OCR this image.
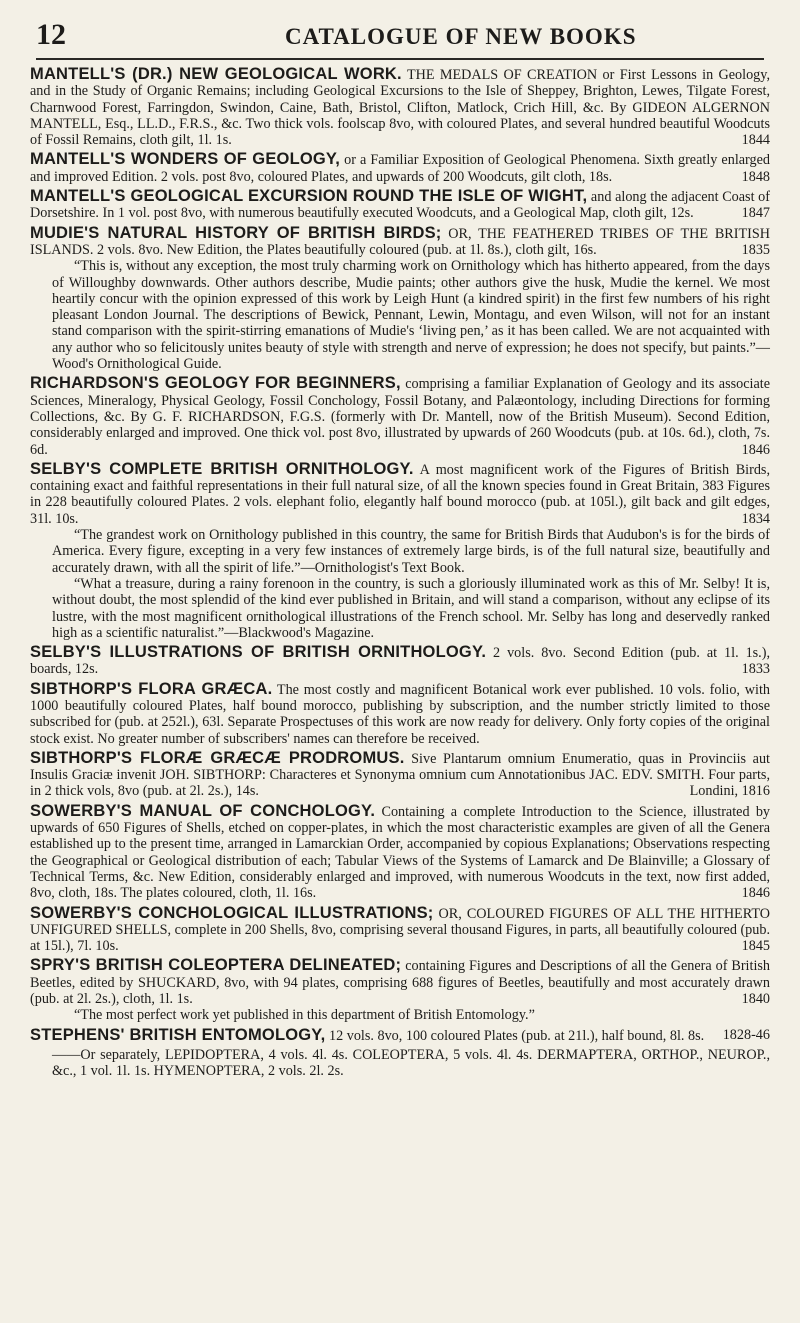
12	CATALOGUE OF NEW BOOKS

MANTELL'S (DR.) NEW GEOLOGICAL WORK. THE MEDALS OF CREATION or First Lessons in Geology, and in the Study of Organic Remains; including Geological Excursions to the Isle of Sheppey, Brighton, Lewes, Tilgate Forest, Charnwood Forest, Farringdon, Swindon, Caine, Bath, Bristol, Clifton, Matlock, Crich Hill, &c. By GIDEON ALGERNON MANTELL, Esq., LL.D., F.R.S., &c. Two thick vols. foolscap 8vo, with coloured Plates, and several hundred beautiful Woodcuts of Fossil Remains, cloth gilt, 1l. 1s.	1844

MANTELL'S WONDERS OF GEOLOGY, or a Familiar Exposition of Geological Phenomena. Sixth greatly enlarged and improved Edition. 2 vols. post 8vo, coloured Plates, and upwards of 200 Woodcuts, gilt cloth, 18s.	1848

MANTELL'S GEOLOGICAL EXCURSION ROUND THE ISLE OF WIGHT, and along the adjacent Coast of Dorsetshire. In 1 vol. post 8vo, with numerous beautifully executed Woodcuts, and a Geological Map, cloth gilt, 12s.	1847

MUDIE'S NATURAL HISTORY OF BRITISH BIRDS; OR, THE FEATHERED TRIBES OF THE BRITISH ISLANDS. 2 vols. 8vo. New Edition, the Plates beautifully coloured (pub. at 1l. 8s.), cloth gilt, 16s.	1835

“This is, without any exception, the most truly charming work on Ornithology which has hitherto appeared, from the days of Willoughby downwards. Other authors describe, Mudie paints; other authors give the husk, Mudie the kernel. We most heartily concur with the opinion expressed of this work by Leigh Hunt (a kindred spirit) in the first few numbers of his right pleasant London Journal. The descriptions of Bewick, Pennant, Lewin, Montagu, and even Wilson, will not for an instant stand comparison with the spirit-stirring emanations of Mudie's ‘living pen,’ as it has been called. We are not acquainted with any author who so felicitously unites beauty of style with strength and nerve of expression; he does not specify, but paints.”—Wood's Ornithological Guide.

RICHARDSON'S GEOLOGY FOR BEGINNERS, comprising a familiar Explanation of Geology and its associate Sciences, Mineralogy, Physical Geology, Fossil Conchology, Fossil Botany, and Palæontology, including Directions for forming Collections, &c. By G. F. RICHARDSON, F.G.S. (formerly with Dr. Mantell, now of the British Museum). Second Edition, considerably enlarged and improved. One thick vol. post 8vo, illustrated by upwards of 260 Woodcuts (pub. at 10s. 6d.), cloth, 7s. 6d.	1846

SELBY'S COMPLETE BRITISH ORNITHOLOGY. A most magnificent work of the Figures of British Birds, containing exact and faithful representations in their full natural size, of all the known species found in Great Britain, 383 Figures in 228 beautifully coloured Plates. 2 vols. elephant folio, elegantly half bound morocco (pub. at 105l.), gilt back and gilt edges, 31l. 10s.	1834

“The grandest work on Ornithology published in this country, the same for British Birds that Audubon's is for the birds of America. Every figure, excepting in a very few instances of extremely large birds, is of the full natural size, beautifully and accurately drawn, with all the spirit of life.”—Ornithologist's Text Book.

“What a treasure, during a rainy forenoon in the country, is such a gloriously illuminated work as this of Mr. Selby! It is, without doubt, the most splendid of the kind ever published in Britain, and will stand a comparison, without any eclipse of its lustre, with the most magnificent ornithological illustrations of the French school. Mr. Selby has long and deservedly ranked high as a scientific naturalist.”—Blackwood's Magazine.

SELBY'S ILLUSTRATIONS OF BRITISH ORNITHOLOGY. 2 vols. 8vo. Second Edition (pub. at 1l. 1s.), boards, 12s.	1833

SIBTHORP'S FLORA GRÆCA. The most costly and magnificent Botanical work ever published. 10 vols. folio, with 1000 beautifully coloured Plates, half bound morocco, publishing by subscription, and the number strictly limited to those subscribed for (pub. at 252l.), 63l. Separate Prospectuses of this work are now ready for delivery. Only forty copies of the original stock exist. No greater number of subscribers' names can therefore be received.

SIBTHORP'S FLORÆ GRÆCÆ PRODROMUS. Sive Plantarum omnium Enumeratio, quas in Provinciis aut Insulis Graciæ invenit JOH. SIBTHORP: Characteres et Synonyma omnium cum Annotationibus JAC. EDV. SMITH. Four parts, in 2 thick vols, 8vo (pub. at 2l. 2s.), 14s.	Londini, 1816

SOWERBY'S MANUAL OF CONCHOLOGY. Containing a complete Introduction to the Science, illustrated by upwards of 650 Figures of Shells, etched on copper-plates, in which the most characteristic examples are given of all the Genera established up to the present time, arranged in Lamarckian Order, accompanied by copious Explanations; Observations respecting the Geographical or Geological distribution of each; Tabular Views of the Systems of Lamarck and De Blainville; a Glossary of Technical Terms, &c. New Edition, considerably enlarged and improved, with numerous Woodcuts in the text, now first added, 8vo, cloth, 18s. The plates coloured, cloth, 1l. 16s.	1846

SOWERBY'S CONCHOLOGICAL ILLUSTRATIONS; OR, COLOURED FIGURES OF ALL THE HITHERTO UNFIGURED SHELLS, complete in 200 Shells, 8vo, comprising several thousand Figures, in parts, all beautifully coloured (pub. at 15l.), 7l. 10s.	1845

SPRY'S BRITISH COLEOPTERA DELINEATED; containing Figures and Descriptions of all the Genera of British Beetles, edited by SHUCKARD, 8vo, with 94 plates, comprising 688 figures of Beetles, beautifully and most accurately drawn (pub. at 2l. 2s.), cloth, 1l. 1s.	1840

“The most perfect work yet published in this department of British Entomology.”

STEPHENS' BRITISH ENTOMOLOGY, 12 vols. 8vo, 100 coloured Plates (pub. at 21l.), half bound, 8l. 8s. 1828-46

——Or separately, LEPIDOPTERA, 4 vols. 4l. 4s. COLEOPTERA, 5 vols. 4l. 4s. DERMAPTERA, ORTHOP., NEUROP., &c., 1 vol. 1l. 1s. HYMENOPTERA, 2 vols. 2l. 2s.
